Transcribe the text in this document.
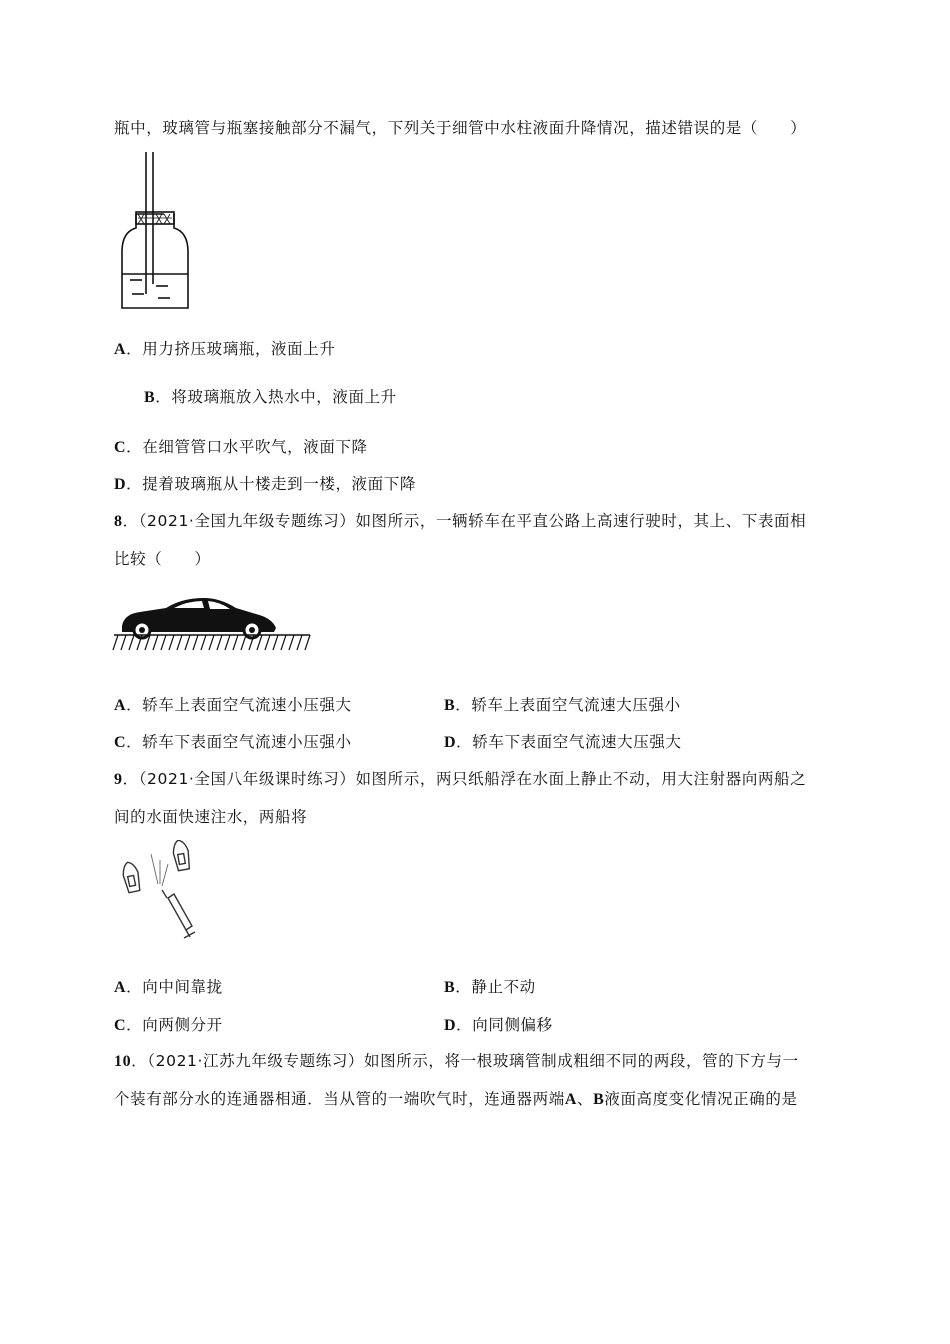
瓶中，玻璃管与瓶塞接触部分不漏气，下列关于细管中水柱液面升降情况，描述错误的是（　　）
A．用力挤压玻璃瓶，液面上升
B．将玻璃瓶放入热水中，液面上升
C．在细管管口水平吹气，液面下降
D．提着玻璃瓶从十楼走到一楼，液面下降
8．（2021·全国九年级专题练习）如图所示，一辆轿车在平直公路上高速行驶时，其上、下表面相
比较（　　）
A．轿车上表面空气流速小压强大	B．轿车上表面空气流速大压强小
C．轿车下表面空气流速小压强小	D．轿车下表面空气流速大压强大
9．（2021·全国八年级课时练习）如图所示，两只纸船浮在水面上静止不动，用大注射器向两船之
间的水面快速注水，两船将
A．向中间靠拢	B．静止不动
C．向两侧分开	D．向同侧偏移
10．（2021·江苏九年级专题练习）如图所示，将一根玻璃管制成粗细不同的两段，管的下方与一
个装有部分水的连通器相通．当从管的一端吹气时，连通器两端A、B液面高度变化情况正确的是
